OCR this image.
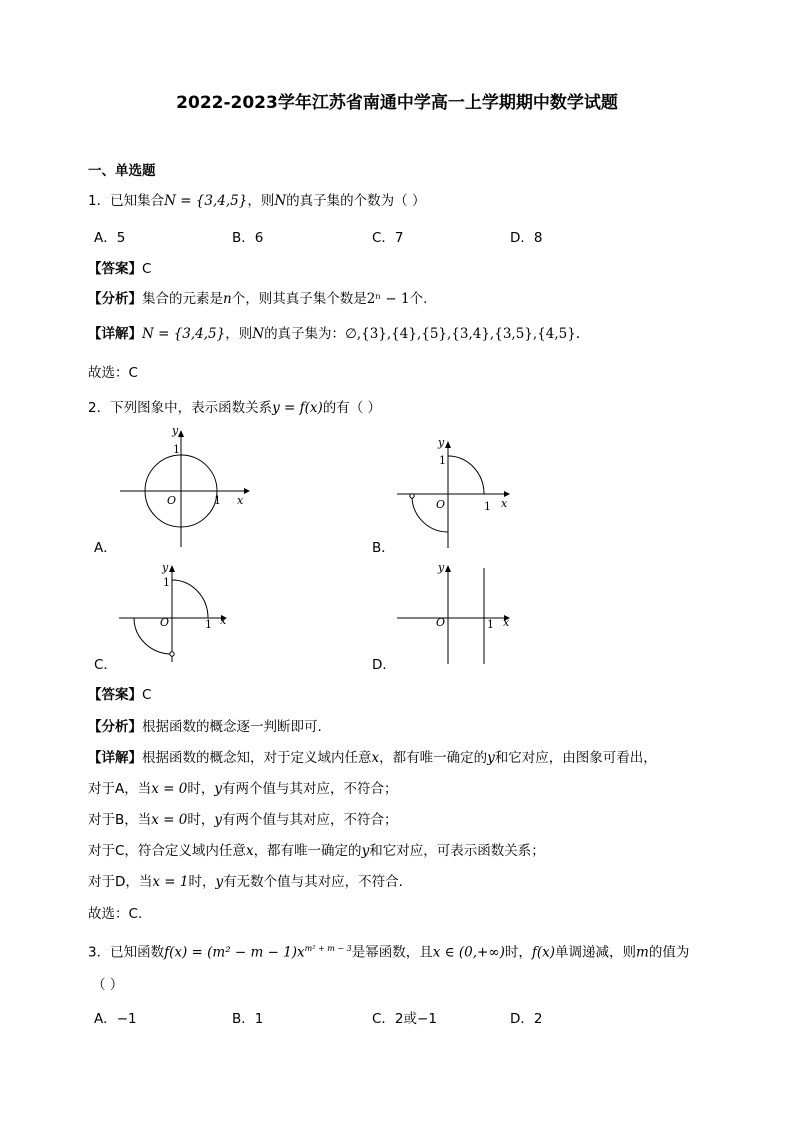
2022-2023学年江苏省南通中学高一上学期期中数学试题
一、单选题
1．已知集合N = {3,4,5}，则N的真子集的个数为（ ）
A．5	B．6	C．7	D．8
【答案】C
【分析】集合的元素是n个，则其真子集个数是2ⁿ − 1个.
【详解】N = {3,4,5}，则N的真子集为：∅,{3},{4},{5},{3,4},{3,5},{4,5}.
故选：C
2．下列图象中，表示函数关系y = f(x)的有（ ）
y
x
O	1
1
A．
y
x
O	1
1
B．
y
x
O	1
1
C．
y
x
O	1
D．
【答案】C
【分析】根据函数的概念逐一判断即可.
【详解】根据函数的概念知，对于定义域内任意x，都有唯一确定的y和它对应，由图象可看出，
对于A，当x = 0时，y有两个值与其对应，不符合；
对于B，当x = 0时，y有两个值与其对应，不符合；
对于C，符合定义域内任意x，都有唯一确定的y和它对应，可表示函数关系；
对于D，当x = 1时，y有无数个值与其对应，不符合.
故选：C.
3．已知函数$f(x) = (m^2 - m - 1)x^{m^2 + m - 3}$是幂函数，且x ∈ (0,+∞)时，f(x)单调递减，则m的值为
（ ）
A．−1	B．1	C．2或−1	D．2
